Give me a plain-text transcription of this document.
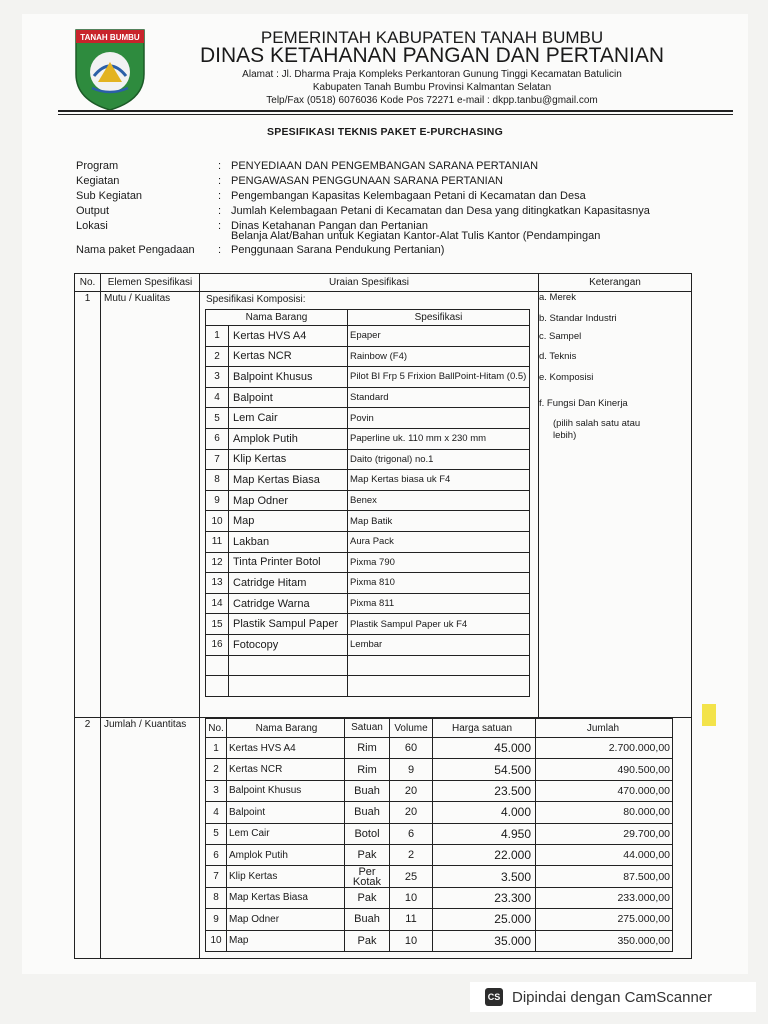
TANAH BUMBU	PEMERINTAH KABUPATEN TANAH BUMBU
DINAS KETAHANAN PANGAN DAN PERTANIAN
Alamat : Jl. Dharma Praja Kompleks Perkantoran Gunung Tinggi Kecamatan Batulicin
Kabupaten Tanah Bumbu Provinsi Kalmantan Selatan
Telp/Fax (0518) 6076036 Kode Pos 72271 e-mail : dkpp.tanbu@gmail.com
SPESIFIKASI TEKNIS PAKET E-PURCHASING
Program	: PENYEDIAAN DAN PENGEMBANGAN SARANA PERTANIAN
Kegiatan	: PENGAWASAN PENGGUNAAN SARANA PERTANIAN
Sub Kegiatan	: Pengembangan Kapasitas Kelembagaan Petani di Kecamatan dan Desa
Output	: Jumlah Kelembagaan Petani di Kecamatan dan Desa yang ditingkatkan Kapasitasnya
Lokasi	: Dinas Ketahanan Pangan dan Pertanian
Belanja Alat/Bahan untuk Kegiatan Kantor-Alat Tulis Kantor (Pendampingan
Nama paket Pengadaan	: Penggunaan Sarana Pendukung Pertanian)
No.	Elemen Spesifikasi	Uraian Spesifikasi	Keterangan
1	Mutu / Kualitas	Spesifikasi Komposisi:
Nama Barang	Spesifikasi
1	Kertas HVS A4	Epaper
2	Kertas NCR	Rainbow (F4)
3	Balpoint Khusus	Pilot BI Frp 5 Frixion BallPoint-Hitam (0.5)
4	Balpoint	Standard
5	Lem Cair	Povin
6	Amplok Putih	Paperline uk. 110 mm x 230 mm
7	Klip Kertas	Daito (trigonal) no.1
8	Map Kertas Biasa	Map Kertas biasa uk F4
9	Map Odner	Benex
10	Map	Map Batik
11	Lakban	Aura Pack
12	Tinta Printer Botol	Pixma 790
13	Catridge Hitam	Pixma 810
14	Catridge Warna	Pixma 811
15	Plastik Sampul Paper	Plastik Sampul Paper uk F4
16	Fotocopy	Lembar

a. Merek
b. Standar Industri
c. Sampel
d. Teknis
e. Komposisi
f. Fungsi Dan Kinerja
(pilih salah satu atau
lebih)

2	Jumlah / Kuantitas	No.	Nama Barang	Satuan	Volume	Harga satuan	Jumlah
1	Kertas HVS A4	Rim	60	45.000	2.700.000,00
2	Kertas NCR	Rim	9	54.500	490.500,00
3	Balpoint Khusus	Buah	20	23.500	470.000,00
4	Balpoint	Buah	20	4.000	80.000,00
5	Lem Cair	Botol	6	4.950	29.700,00
6	Amplok Putih	Pak	2	22.000	44.000,00
7	Klip Kertas	Per Kotak	25	3.500	87.500,00
8	Map Kertas Biasa	Pak	10	23.300	233.000,00
9	Map Odner	Buah	11	25.000	275.000,00
10	Map	Pak	10	35.000	350.000,00
CS Dipindai dengan CamScanner
